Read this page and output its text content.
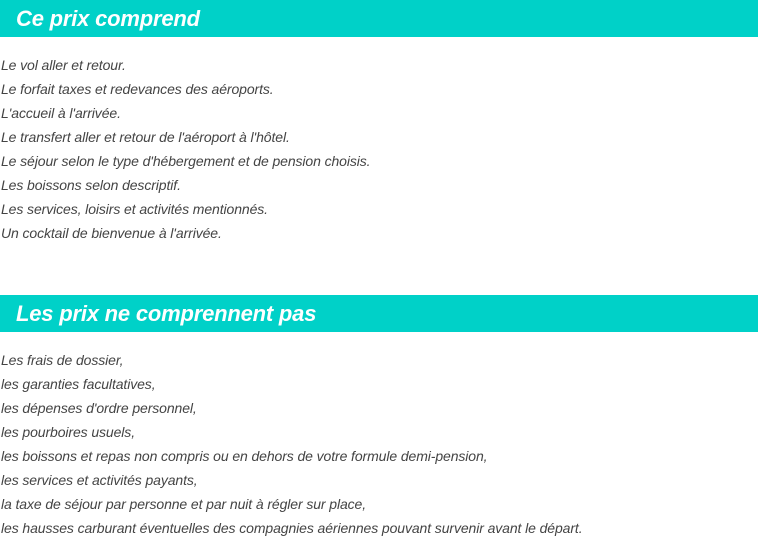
Ce prix comprend
Le vol aller et retour.
Le forfait taxes et redevances des aéroports.
L'accueil à l'arrivée.
Le transfert aller et retour de l'aéroport à l'hôtel.
Le séjour selon le type d'hébergement et de pension choisis.
Les boissons selon descriptif.
Les services, loisirs et activités mentionnés.
Un cocktail de bienvenue à l'arrivée.
Les prix ne comprennent pas
Les frais de dossier,
les garanties facultatives,
les dépenses d'ordre personnel,
les pourboires usuels,
les boissons et repas non compris ou en dehors de votre formule demi-pension,
les services et activités payants,
la taxe de séjour par personne et par nuit à régler sur place,
les hausses carburant éventuelles des compagnies aériennes pouvant survenir avant le départ.
